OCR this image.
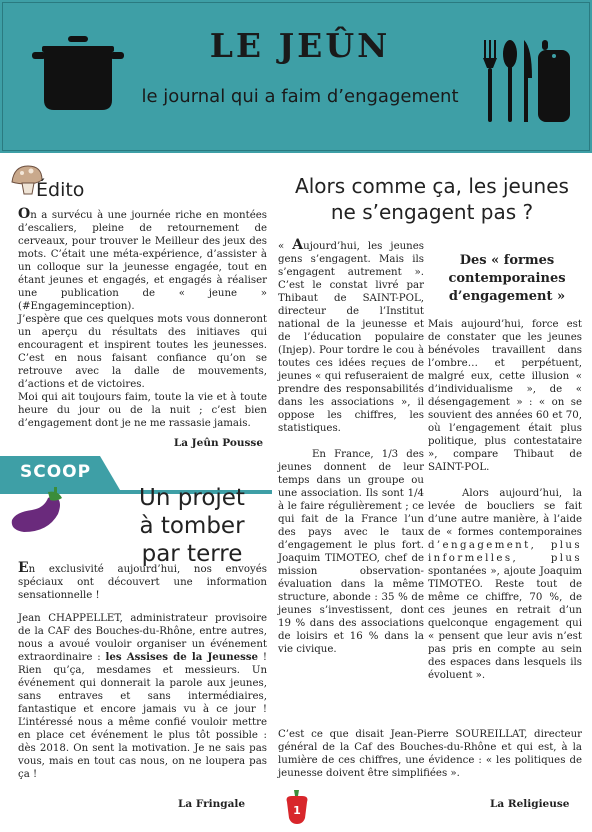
LE JEÛN
le journal qui a faim d’engagement
Édito

On a survécu à une journée riche en montées d’escaliers, pleine de retournement de cerveaux, pour trouver le Meilleur des jeux des mots. C’était une méta-expérience, d’assister à un colloque sur la jeunesse engagée, tout en étant jeunes et engagés, et engagés à réaliser une publication de « jeune » (#Engageminception).

J’espère que ces quelques mots vous donneront un aperçu du résultats des initiaves qui encouragent et inspirent toutes les jeunesses. C’est en nous faisant confiance qu’on se retrouve avec la dalle de mouvements, d’actions et de victoires.

Moi qui ait toujours faim, toute la vie et à toute heure du jour ou de la nuit ; c’est bien d’engagement dont je ne me rassasie jamais.

La Jeûn Pousse
SCOOP
Un projet
à tomber par terre

En exclusivité aujourd’hui, nos envoyés spéciaux ont découvert une information sensationnelle !

Jean CHAPPELLET, administrateur provisoire de la CAF des Bouches-du-Rhône, entre autres, nous a avoué vouloir organiser un événement extraordinaire : les Assises de la Jeunesse ! Rien qu’ça, mesdames et messieurs. Un événement qui donnerait la parole aux jeunes, sans entraves et sans intermédiaires, fantastique et encore jamais vu à ce jour ! L’intéressé nous a même confié vouloir mettre en place cet événement le plus tôt possible : dès 2018. On sent la motivation. Je ne sais pas vous, mais en tout cas nous, on ne loupera pas ça !

La Fringale
Alors comme ça, les jeunes
ne s’engagent pas ?

« Aujourd’hui, les jeunes gens s’engagent. Mais ils s’engagent autrement ». C’est le constat livré par Thibaut de SAINT-POL, directeur de l’Institut national de la jeunesse et de l’éducation populaire (Injep). Pour tordre le cou à toutes ces idées reçues de jeunes « qui refuseraient de prendre des responsabilités dans les associations », il oppose les chiffres, les statistiques.

En France, 1/3 des jeunes donnent de leur temps dans un groupe ou une association. Ils sont 1/4 à le faire régulièrement ; ce qui fait de la France l’un des pays avec le taux d’engagement le plus fort. Joaquim TIMOTEO, chef de mission observation-évaluation dans la même structure, abonde : 35 % de jeunes s’investissent, dont 19 % dans des associations de loisirs et 16 % dans la vie civique.

Des « formes
contemporaines
d’engagement »

Mais aujourd’hui, force est de constater que les jeunes bénévoles travaillent dans l’ombre… et perpétuent, malgré eux, cette illusion « d’individualisme », de « désengagement » : « on se souvient des années 60 et 70, où l’engagement était plus politique, plus contestataire », compare Thibaut de SAINT-POL.

Alors aujourd’hui, la levée de boucliers se fait d’une autre manière, à l’aide de « formes contemporaines d’engagement, plus informelles, plus spontanées », ajoute Joaquim TIMOTEO. Reste tout de même ce chiffre, 70 %, de ces jeunes en retrait d’un quelconque engagement qui « pensent que leur avis n’est pas pris en compte au sein des espaces dans lesquels ils évoluent ».

C’est ce que disait Jean-Pierre SOUREILLAT, directeur général de la Caf des Bouches-du-Rhône et qui est, à la lumière de ces chiffres, une évidence : « les politiques de jeunesse doivent être simplifiées ».

La Religieuse
1
